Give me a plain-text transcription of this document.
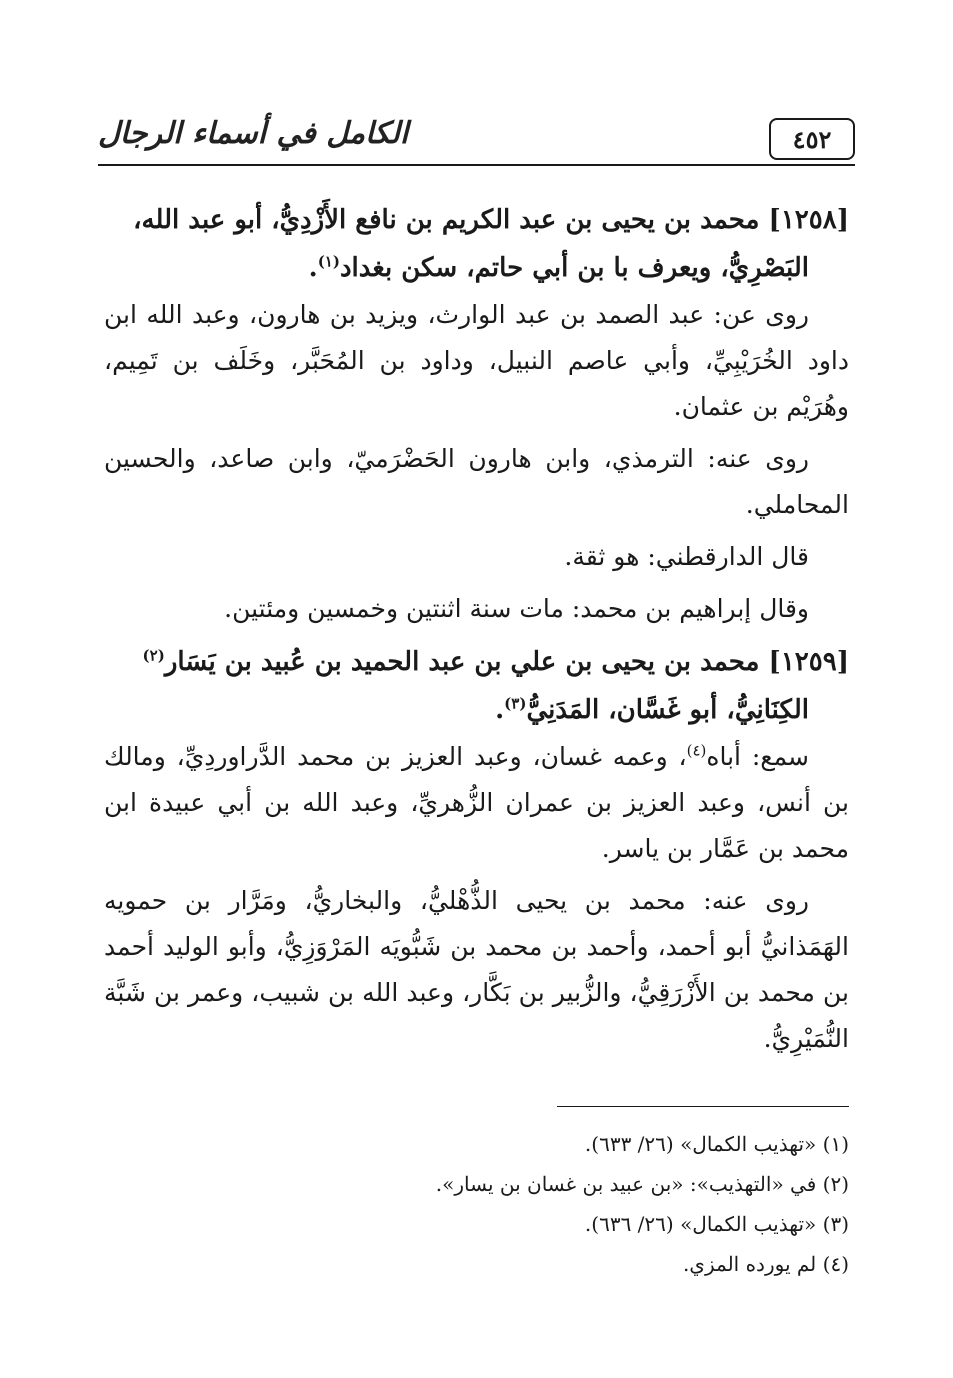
الكامل في أسماء الرجال	٤٥٢

[١٢٥٨] محمد بن يحيى بن عبد الكريم بن نافع الأَزْدِيُّ، أبو عبد الله،
البَصْرِيُّ، ويعرف با بن أبي حاتم، سكن بغداد$^{(١)}$.

روى عن: عبد الصمد بن عبد الوارث، ويزيد بن هارون، وعبد الله ابن داود الخُرَيْبِيِّ، وأبي عاصم النبيل، وداود بن المُحَبَّر، وخَلَف بن تَمِيم، وهُرَيْم بن عثمان.

روى عنه: الترمذي، وابن هارون الحَضْرَميّ، وابن صاعد، والحسين المحاملي.

قال الدارقطني: هو ثقة.

وقال إبراهيم بن محمد: مات سنة اثنتين وخمسين ومئتين.

[١٢٥٩] محمد بن يحيى بن علي بن عبد الحميد بن عُبيد بن يَسَار$^{(٢)}$
الكِنَانِيُّ، أبو غَسَّان، المَدَنِيُّ$^{(٣)}$.

سمع: أباه$^{(٤)}$، وعمه غسان، وعبد العزيز بن محمد الدَّراوردِيِّ، ومالك بن أنس، وعبد العزيز بن عمران الزُّهريِّ، وعبد الله بن أبي عبيدة ابن محمد بن عَمَّار بن ياسر.

روى عنه: محمد بن يحيى الذُّهْليُّ، والبخاريُّ، ومَرَّار بن حمويه الهَمَذانيُّ أبو أحمد، وأحمد بن محمد بن شَبُّويَه المَرْوَزِيُّ، وأبو الوليد أحمد بن محمد بن الأَزْرَقِيُّ، والزُّبير بن بَكَّار، وعبد الله بن شبيب، وعمر بن شَبَّة النُّمَيْرِيُّ.

(١) «تهذيب الكمال» (٢٦/ ٦٣٣).

(٢) في «التهذيب»: «بن عبيد بن غسان بن يسار».

(٣) «تهذيب الكمال» (٢٦/ ٦٣٦).

(٤) لم يورده المزي.
